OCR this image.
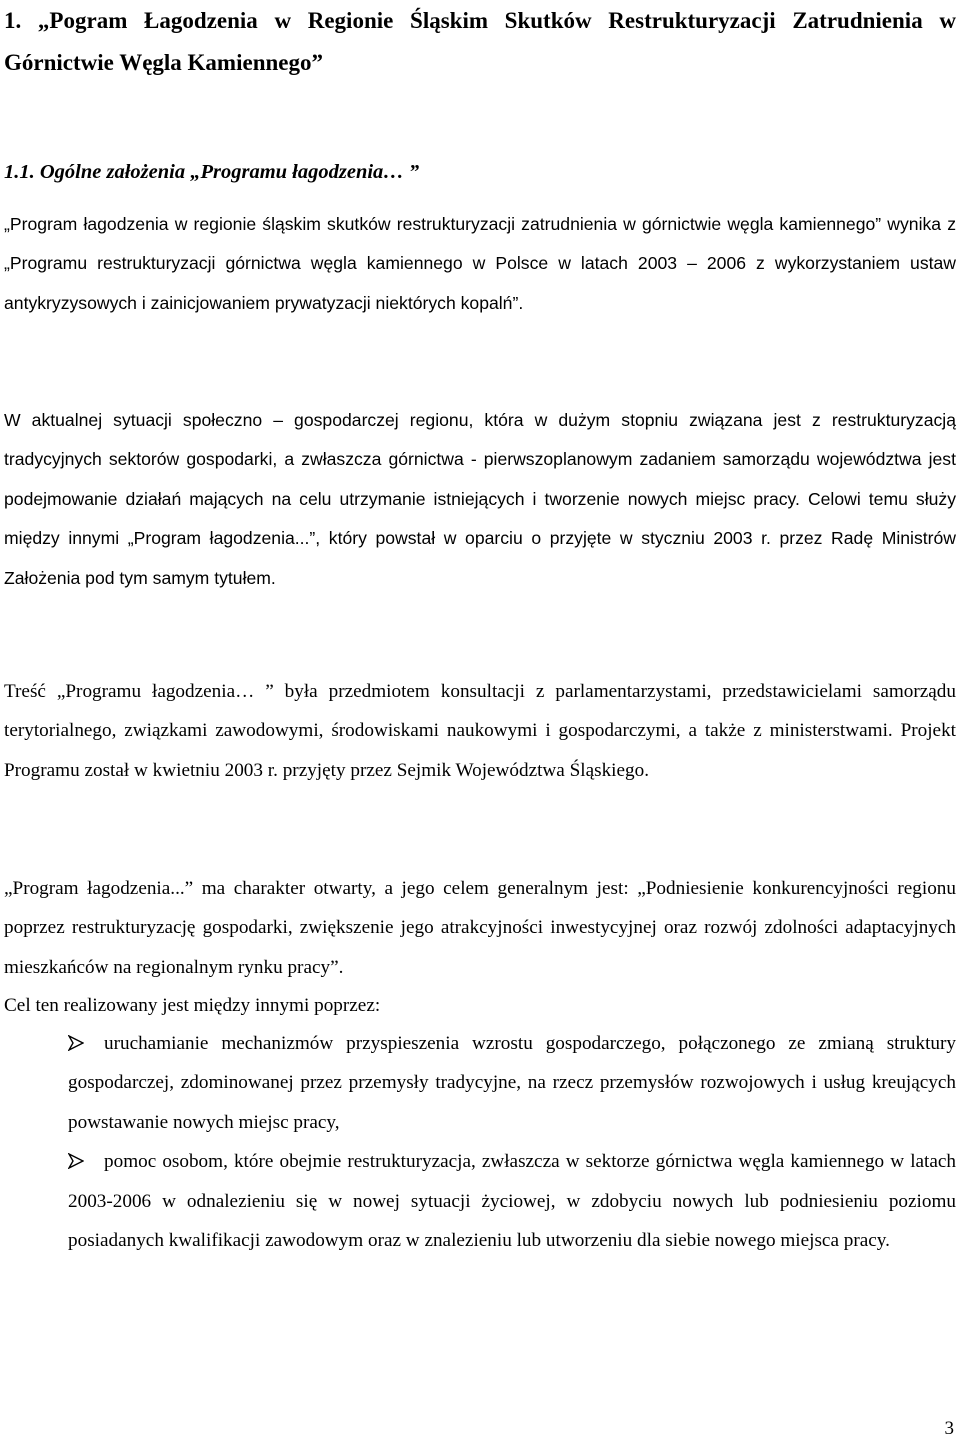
1. „Pogram Łagodzenia w Regionie Śląskim Skutków Restrukturyzacji Zatrudnienia w Górnictwie Węgla Kamiennego”
1.1. Ogólne założenia „Programu łagodzenia… ”

„Program łagodzenia w regionie śląskim skutków restrukturyzacji zatrudnienia w górnictwie węgla kamiennego” wynika z „Programu restrukturyzacji górnictwa węgla kamiennego w Polsce w latach 2003 – 2006 z wykorzystaniem ustaw antykryzysowych i zainicjowaniem prywatyzacji niektórych kopalń”.

W aktualnej sytuacji społeczno – gospodarczej regionu, która w dużym stopniu związana jest z restrukturyzacją tradycyjnych sektorów gospodarki, a zwłaszcza górnictwa - pierwszoplanowym zadaniem samorządu województwa jest podejmowanie działań mających na celu utrzymanie istniejących i tworzenie nowych miejsc pracy. Celowi temu służy między innymi „Program łagodzenia...”, który powstał w oparciu o przyjęte w styczniu 2003 r. przez Radę Ministrów Założenia pod tym samym tytułem.

Treść „Programu łagodzenia… ” była przedmiotem konsultacji z parlamentarzystami, przedstawicielami samorządu terytorialnego, związkami zawodowymi, środowiskami naukowymi i gospodarczymi, a także z ministerstwami. Projekt Programu został w kwietniu 2003 r. przyjęty przez Sejmik Województwa Śląskiego.

„Program łagodzenia...” ma charakter otwarty, a jego celem generalnym jest: „Podniesienie konkurencyjności regionu poprzez restrukturyzację gospodarki, zwiększenie jego atrakcyjności inwestycyjnej oraz rozwój zdolności adaptacyjnych mieszkańców na regionalnym rynku pracy”.

Cel ten realizowany jest między innymi poprzez:

uruchamianie mechanizmów przyspieszenia wzrostu gospodarczego, połączonego ze zmianą struktury gospodarczej, zdominowanej przez przemysły tradycyjne, na rzecz przemysłów rozwojowych i usług kreujących powstawanie nowych miejsc pracy,
pomoc osobom, które obejmie restrukturyzacja, zwłaszcza w sektorze górnictwa węgla kamiennego w latach 2003-2006 w odnalezieniu się w nowej sytuacji życiowej, w zdobyciu nowych lub podniesieniu poziomu posiadanych kwalifikacji zawodowym oraz w znalezieniu lub utworzeniu dla siebie nowego miejsca pracy.
3
